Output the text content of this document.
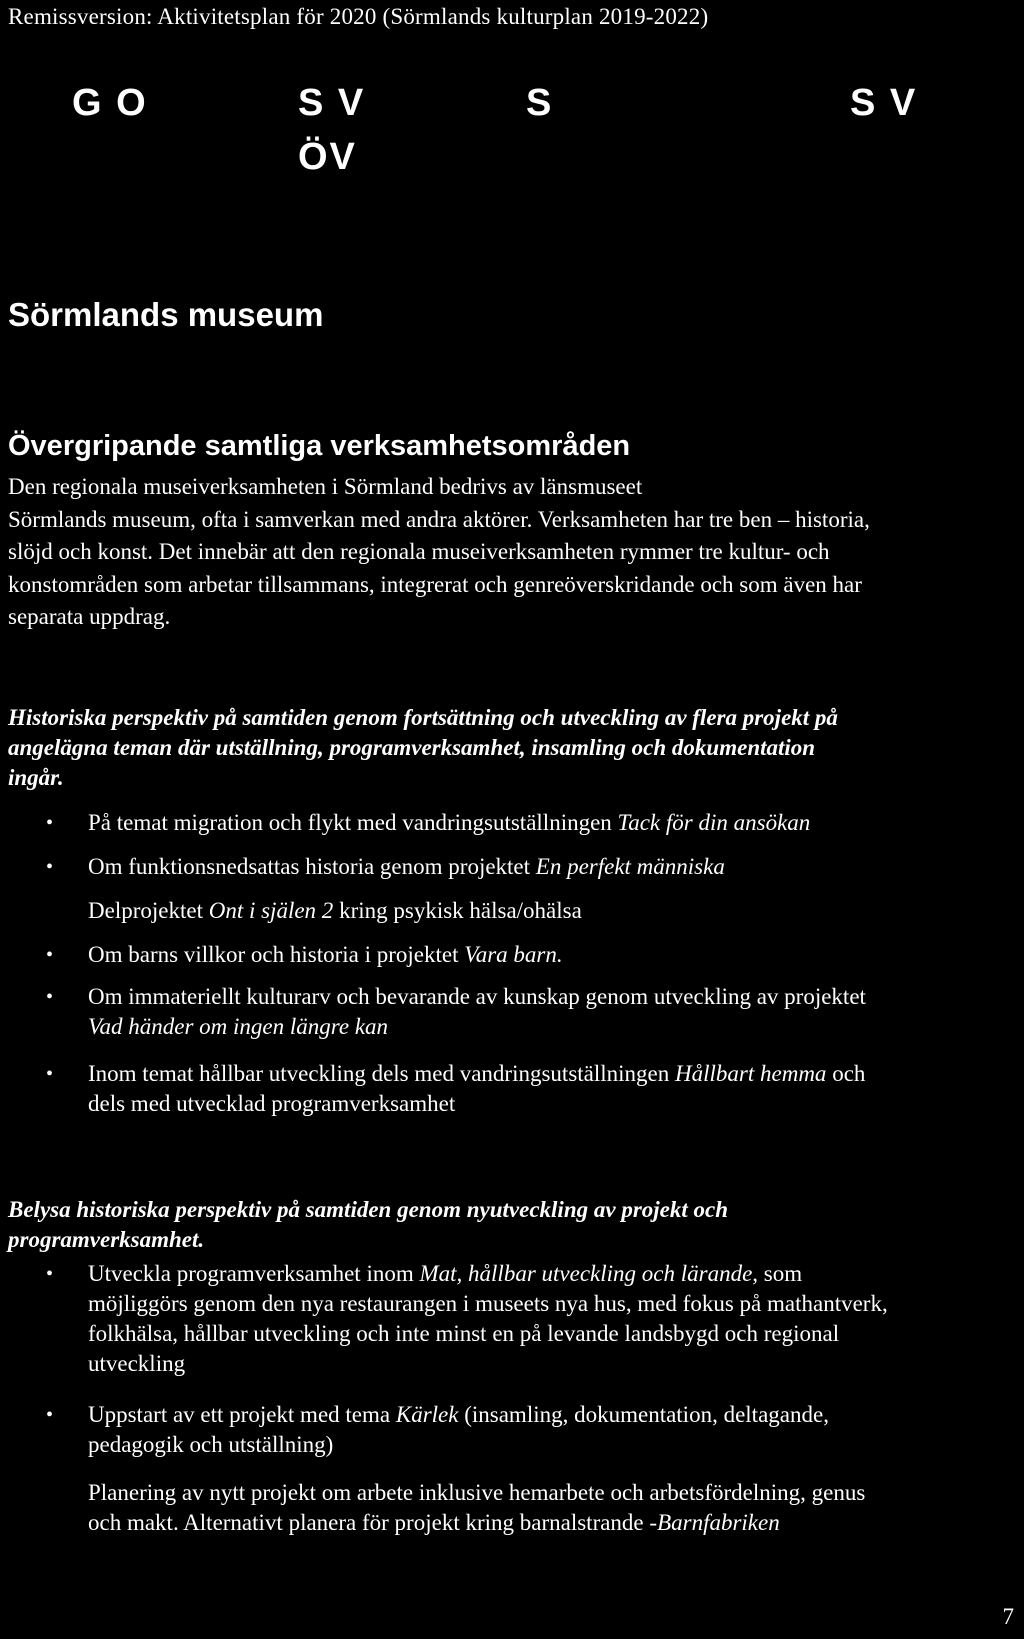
Remissversion: Aktivitetsplan för 2020 (Sörmlands kulturplan 2019-2022)
G O	S V	S	S V
ÖV
Sörmlands museum
Övergripande samtliga verksamhetsområden

Den regionala museiverksamheten i Sörmland bedrivs av länsmuseet

Sörmlands museum, ofta i samverkan med andra aktörer. Verksamheten har tre ben – historia,

slöjd och konst. Det innebär att den regionala museiverksamheten rymmer tre kultur- och

konstområden som arbetar tillsammans, integrerat och genreöverskridande och som även har

separata uppdrag.

Historiska perspektiv på samtiden genom fortsättning och utveckling av flera projekt på

angelägna teman där utställning, programverksamhet, insamling och dokumentation

ingår.

• På temat migration och flykt med vandringsutställningen Tack för din ansökan
• Om funktionsnedsattas historia genom projektet En perfekt människa

Delprojektet Ont i själen 2 kring psykisk hälsa/ohälsa

• Om barns villkor och historia i projektet Vara barn.
• Om immateriellt kulturarv och bevarande av kunskap genom utveckling av projektet
Vad händer om ingen längre kan
• Inom temat hållbar utveckling dels med vandringsutställningen Hållbart hemma och
dels med utvecklad programverksamhet

Belysa historiska perspektiv på samtiden genom nyutveckling av projekt och

programverksamhet.

• Utveckla programverksamhet inom Mat, hållbar utveckling och lärande, som
möjliggörs genom den nya restaurangen i museets nya hus, med fokus på mathantverk,
folkhälsa, hållbar utveckling och inte minst en på levande landsbygd och regional
utveckling
• Uppstart av ett projekt med tema Kärlek (insamling, dokumentation, deltagande,
pedagogik och utställning)
Planering av nytt projekt om arbete inklusive hemarbete och arbetsfördelning, genus
och makt. Alternativt planera för projekt kring barnalstrande -Barnfabriken
7
